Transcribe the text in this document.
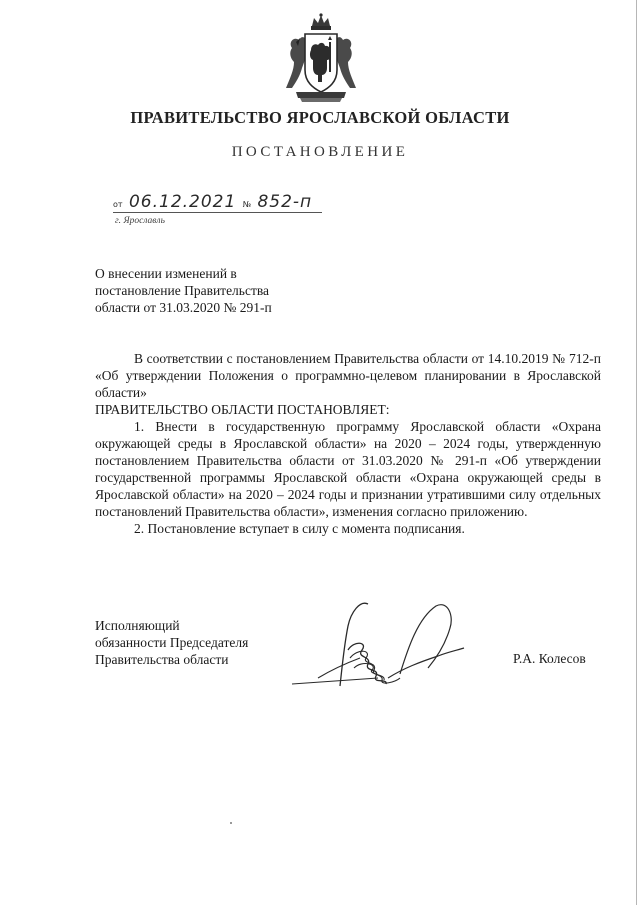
ПРАВИТЕЛЬСТВО ЯРОСЛАВСКОЙ ОБЛАСТИ
ПОСТАНОВЛЕНИЕ
от 06.12.2021 № 852-п
г. Ярославль
О внесении изменений в
постановление Правительства
области от 31.03.2020 № 291-п

В соответствии с постановлением Правительства области от 14.10.2019 № 712-п «Об утверждении Положения о программно-целевом планировании в Ярославской области»

ПРАВИТЕЛЬСТВО ОБЛАСТИ ПОСТАНОВЛЯЕТ:

1. Внести в государственную программу Ярославской области «Охрана окружающей среды в Ярославской области» на 2020 – 2024 годы, утвержденную постановлением Правительства области от 31.03.2020 № 291-п «Об утверждении государственной программы Ярославской области «Охрана окружающей среды в Ярославской области» на 2020 – 2024 годы и признании утратившими силу отдельных постановлений Правительства области», изменения согласно приложению.

2. Постановление вступает в силу с момента подписания.

Исполняющий
обязанности Председателя
Правительства области	Р.А. Колесов
